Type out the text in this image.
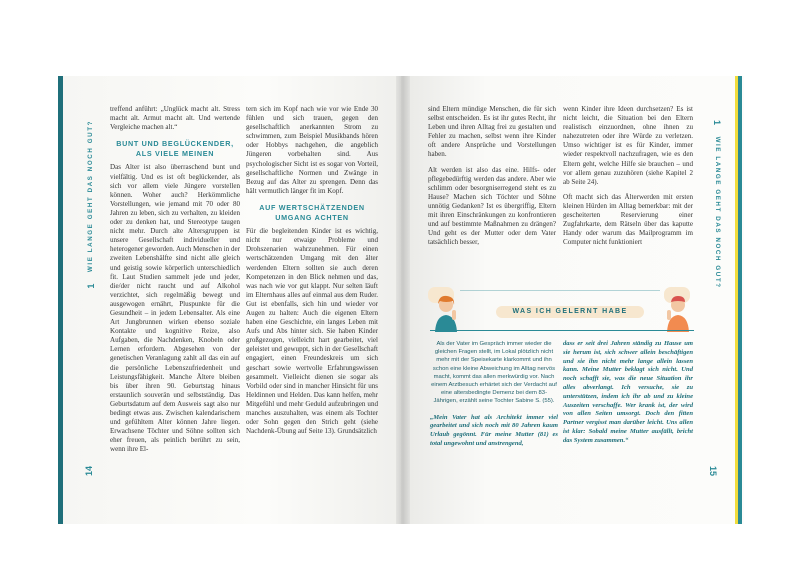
1   WIE LANGE GEHT DAS NOCH GUT?
14
1   WIE LANGE GEHT DAS NOCH GUT?
15

treffend anführt: „Unglück macht alt. Stress macht alt. Armut macht alt. Und wertende Vergleiche machen alt.“

BUNT UND BEGLÜCKENDER, ALS VIELE MEINEN

Das Alter ist also überraschend bunt und vielfältig. Und es ist oft beglückender, als sich vor allem viele Jüngere vorstellen können. Woher auch? Herkömmliche Vorstellungen, wie jemand mit 70 oder 80 Jahren zu leben, sich zu verhalten, zu kleiden oder zu denken hat, und Stereotype taugen nicht mehr. Durch alte Altersgruppen ist unsere Gesellschaft individueller und heterogener geworden. Auch Menschen in der zweiten Lebenshälfte sind nicht alle gleich und geistig sowie körperlich unterschiedlich fit. Laut Studien sammelt jede und jeder, die/der nicht raucht und auf Alkohol verzichtet, sich regelmäßig bewegt und ausgewogen ernährt, Pluspunkte für die Gesundheit – in jedem Lebensalter. Als eine Art Jungbrunnen wirken ebenso soziale Kontakte und kognitive Reize, also Aufgaben, die Nachdenken, Knobeln oder Lernen erfordern. Abgesehen von der genetischen Veranlagung zahlt all das ein auf die persönliche Lebenszufriedenheit und Leistungsfähigkeit. Manche Ältere bleiben bis über ihren 90. Geburtstag hinaus erstaunlich souverän und selbstständig. Das Geburtsdatum auf dem Ausweis sagt also nur bedingt etwas aus. Zwischen kalendarischem und gefühltem Alter können Jahre liegen. Erwachsene Töchter und Söhne sollten sich eher freuen, als peinlich berührt zu sein, wenn ihre El-

tern sich im Kopf nach wie vor wie Ende 30 fühlen und sich trauen, gegen den gesellschaftlich anerkannten Strom zu schwimmen, zum Beispiel Musikbands hören oder Hobbys nachgehen, die angeblich Jüngeren vorbehalten sind. Aus psychologischer Sicht ist es sogar von Vorteil, gesellschaftliche Normen und Zwänge in Bezug auf das Alter zu sprengen. Denn das hält vermutlich länger fit im Kopf.

AUF WERTSCHÄTZENDEN UMGANG ACHTEN

Für die begleitenden Kinder ist es wichtig, nicht nur etwaige Probleme und Drohszenarien wahrzunehmen. Für einen wertschätzenden Umgang mit den älter werdenden Eltern sollten sie auch deren Kompetenzen in den Blick nehmen und das, was nach wie vor gut klappt. Nur selten läuft im Elternhaus alles auf einmal aus dem Ruder. Gut ist ebenfalls, sich hin und wieder vor Augen zu halten: Auch die eigenen Eltern haben eine Geschichte, ein langes Leben mit Aufs und Abs hinter sich. Sie haben Kinder großgezogen, vielleicht hart gearbeitet, viel geleistet und gewuppt, sich in der Gesellschaft engagiert, einen Freundeskreis um sich geschart sowie wertvolle Erfahrungswissen gesammelt. Vielleicht dienen sie sogar als Vorbild oder sind in mancher Hinsicht für uns Heldinnen und Helden. Das kann helfen, mehr Mitgefühl und mehr Geduld aufzubringen und manches auszuhalten, was einem als Tochter oder Sohn gegen den Strich geht (siehe Nachdenk-Übung auf Seite 13). Grundsätzlich

sind Eltern mündige Menschen, die für sich selbst entscheiden. Es ist ihr gutes Recht, ihr Leben und ihren Alltag frei zu gestalten und Fehler zu machen, selbst wenn ihre Kinder oft andere Ansprüche und Vorstellungen haben.

Alt werden ist also das eine. Hilfs- oder pflegebedürftig werden das andere. Aber wie schlimm oder besorgniserregend steht es zu Hause? Machen sich Töchter und Söhne unnötig Gedanken? Ist es übergriffig, Eltern mit ihren Einschränkungen zu konfrontieren und auf bestimmte Maßnahmen zu drängen? Und geht es der Mutter oder dem Vater tatsächlich besser,

wenn Kinder ihre Ideen durchsetzen? Es ist nicht leicht, die Situation bei den Eltern realistisch einzuordnen, ohne ihnen zu nahezutreten oder ihre Würde zu verletzen. Umso wichtiger ist es für Kinder, immer wieder respektvoll nachzufragen, wie es den Eltern geht, welche Hilfe sie brauchen – und vor allem genau zuzuhören (siehe Kapitel 2 ab Seite 24).

Oft macht sich das Älterwerden mit ersten kleinen Hürden im Alltag bemerkbar: mit der gescheiterten Reservierung einer Zugfahrkarte, dem Rätseln über das kaputte Handy oder warum das Mailprogramm im Computer nicht funktioniert

WAS ICH GELERNT HABE

Als der Vater im Gespräch immer wieder die gleichen Fragen stellt, im Lokal plötzlich nicht mehr mit der Speisekarte klarkommt und ihn schon eine kleine Abweichung im Alltag nervös macht, kommt das allen merkwürdig vor. Nach einem Arztbesuch erhärtet sich der Verdacht auf eine altersbedingte Demenz bei dem 83-Jährigen, erzählt seine Tochter Sabine S. (55).

„Mein Vater hat als Architekt immer viel gearbeitet und sich noch mit 80 Jahren kaum Urlaub gegönnt. Für meine Mutter (81) es total ungewohnt und anstrengend,

dass er seit drei Jahren ständig zu Hause um sie herum ist, sich schwer allein beschäftigen und sie ihn nicht mehr lange allein lassen kann. Meine Mutter beklagt sich nicht. Und noch schafft sie, was die neue Situation ihr alles abverlangt. Ich versuche, sie zu unterstützen, indem ich ihr ab und zu kleine Auszeiten verschaffe. Wer krank ist, der wird von allen Seiten umsorgt. Doch den fitten Partner vergisst man darüber leicht. Uns allen ist klar: Sobald meine Mutter ausfällt, bricht das System zusammen.“
